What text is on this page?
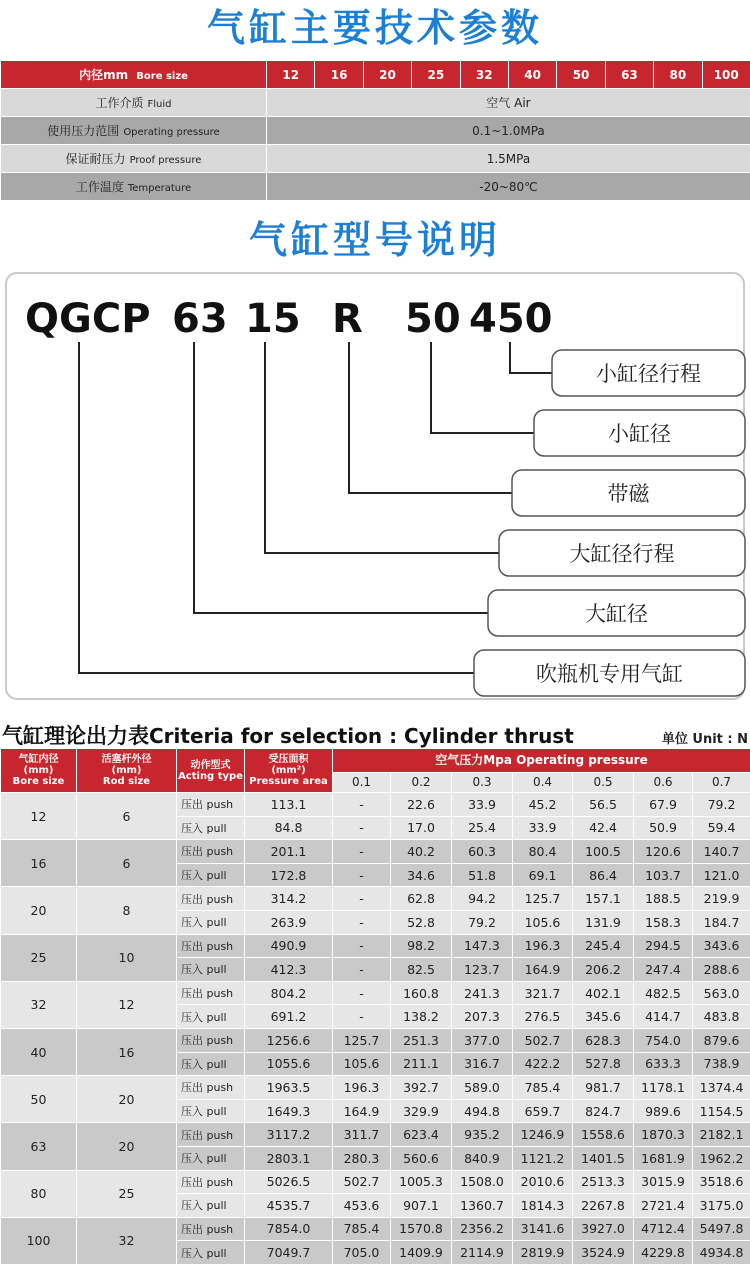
气缸主要技术参数
内径mm Bore size	12	16	20	25	32	40	50	63	80	100
工作介质 Fluid	空气 Air									
使用压力范围 Operating pressure	0.1~1.0MPa									
保证耐压力 Proof pressure	1.5MPa									
工作温度 Temperature	-20~80℃									
气缸型号说明
QGCP 63 15 R 50 450
小缸径行程
小缸径
带磁
大缸径行程
大缸径
吹瓶机专用气缸
气缸理论出力表Criteria for selection : Cylinder thrust	单位 Unit : N
气缸内径
(mm)
Bore size	活塞杆外径
(mm)
Rod size	动作型式
Acting type	受压面积
(mm²)
Pressure area	空气压力Mpa Operating pressure						
				0.1	0.2	0.3	0.4	0.5	0.6	0.7
12	6	压出 push	113.1	-	22.6	33.9	45.2	56.5	67.9	79.2
		压入 pull	84.8	-	17.0	25.4	33.9	42.4	50.9	59.4
16	6	压出 push	201.1	-	40.2	60.3	80.4	100.5	120.6	140.7
		压入 pull	172.8	-	34.6	51.8	69.1	86.4	103.7	121.0
20	8	压出 push	314.2	-	62.8	94.2	125.7	157.1	188.5	219.9
		压入 pull	263.9	-	52.8	79.2	105.6	131.9	158.3	184.7
25	10	压出 push	490.9	-	98.2	147.3	196.3	245.4	294.5	343.6
		压入 pull	412.3	-	82.5	123.7	164.9	206.2	247.4	288.6
32	12	压出 push	804.2	-	160.8	241.3	321.7	402.1	482.5	563.0
		压入 pull	691.2	-	138.2	207.3	276.5	345.6	414.7	483.8
40	16	压出 push	1256.6	125.7	251.3	377.0	502.7	628.3	754.0	879.6
		压入 pull	1055.6	105.6	211.1	316.7	422.2	527.8	633.3	738.9
50	20	压出 push	1963.5	196.3	392.7	589.0	785.4	981.7	1178.1	1374.4
		压入 pull	1649.3	164.9	329.9	494.8	659.7	824.7	989.6	1154.5
63	20	压出 push	3117.2	311.7	623.4	935.2	1246.9	1558.6	1870.3	2182.1
		压入 pull	2803.1	280.3	560.6	840.9	1121.2	1401.5	1681.9	1962.2
80	25	压出 push	5026.5	502.7	1005.3	1508.0	2010.6	2513.3	3015.9	3518.6
		压入 pull	4535.7	453.6	907.1	1360.7	1814.3	2267.8	2721.4	3175.0
100	32	压出 push	7854.0	785.4	1570.8	2356.2	3141.6	3927.0	4712.4	5497.8
		压入 pull	7049.7	705.0	1409.9	2114.9	2819.9	3524.9	4229.8	4934.8
